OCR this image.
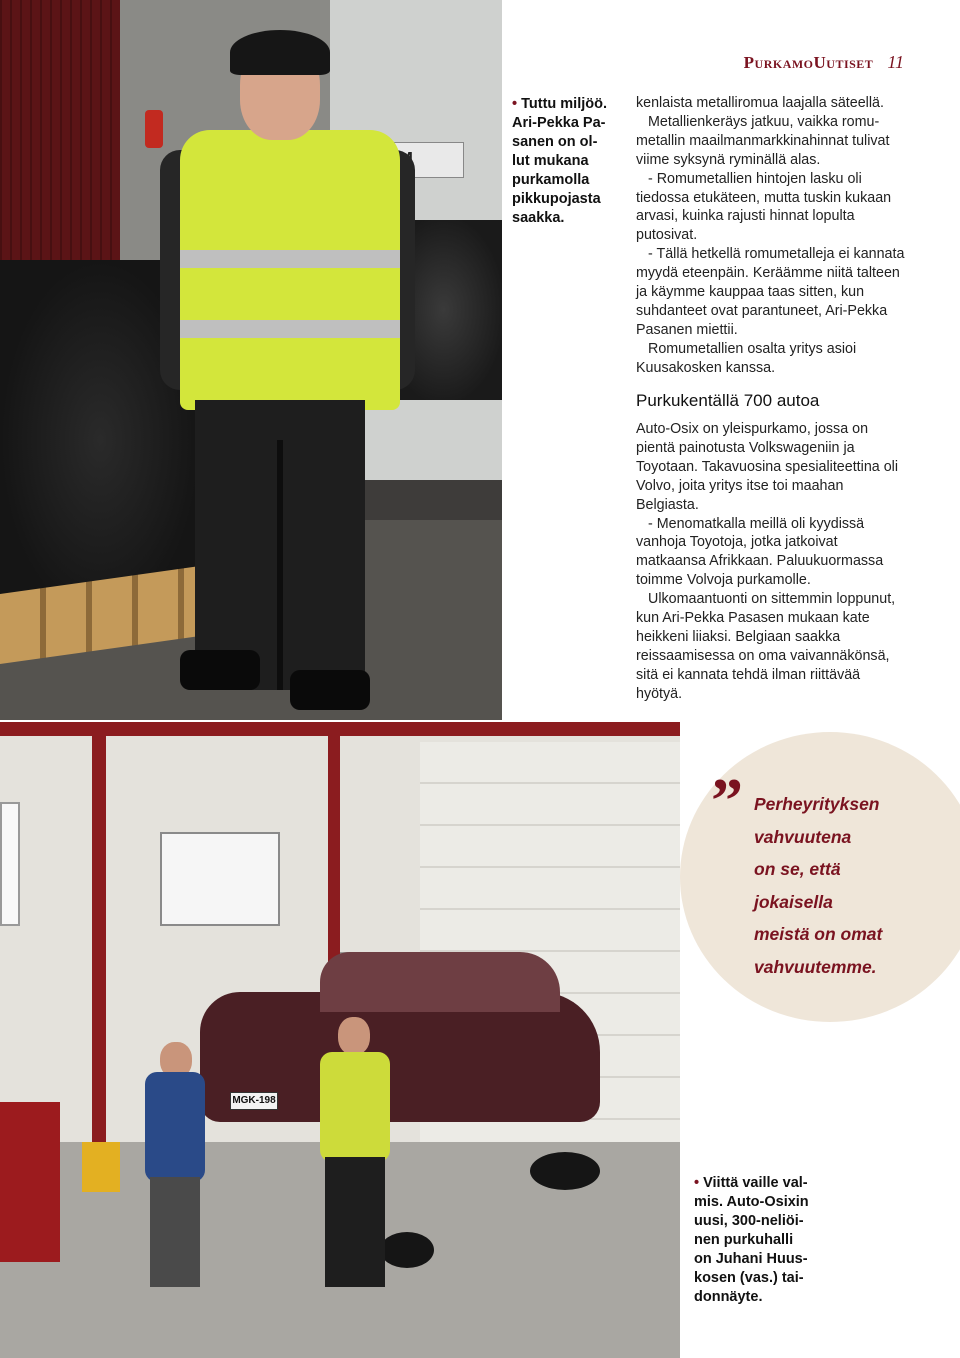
PurkamoUutiset 11
• Tuttu miljöö.
Ari-Pekka Pa-
sanen on ol-
lut mukana
purkamolla
pikkupojasta
saakka.

kenlaista metalliromua laajalla säteellä.

Metallienkeräys jatkuu, vaikka romu-metallin maailmanmarkkinahinnat tulivat viime syksynä ryminällä alas.

- Romumetallien hintojen lasku oli tiedossa etukäteen, mutta tuskin kukaan arvasi, kuinka rajusti hinnat lopulta putosivat.

- Tällä hetkellä romumetalleja ei kannata myydä eteenpäin. Keräämme niitä talteen ja käymme kauppaa taas sitten, kun suhdanteet ovat parantuneet, Ari-Pekka Pasanen miettii.

Romumetallien osalta yritys asioi Kuusakosken kanssa.

Purkukentällä 700 autoa

Auto-Osix on yleispurkamo, jossa on pientä painotusta Volkswageniin ja Toyotaan. Takavuosina spesialiteettina oli Volvo, joita yritys itse toi maahan Belgiasta.

- Menomatkalla meillä oli kyydissä vanhoja Toyotoja, jotka jatkoivat matkaansa Afrikkaan. Paluukuormassa toimme Volvoja purkamolle.

Ulkomaantuonti on sittemmin loppunut, kun Ari-Pekka Pasasen mukaan kate heikkeni liiaksi. Belgiaan saakka reissaamisessa on oma vaivannäkönsä, sitä ei kannata tehdä ilman riittävää hyötyä.

MGK-198
” Perheyrityksen
vahvuutena
on se, että
jokaisella
meistä on omat
vahvuutemme.
• Viittä vaille val-
mis. Auto-Osixin
uusi, 300-neliöi-
nen purkuhalli
on Juhani Huus-
kosen (vas.) tai-
donnäyte.
